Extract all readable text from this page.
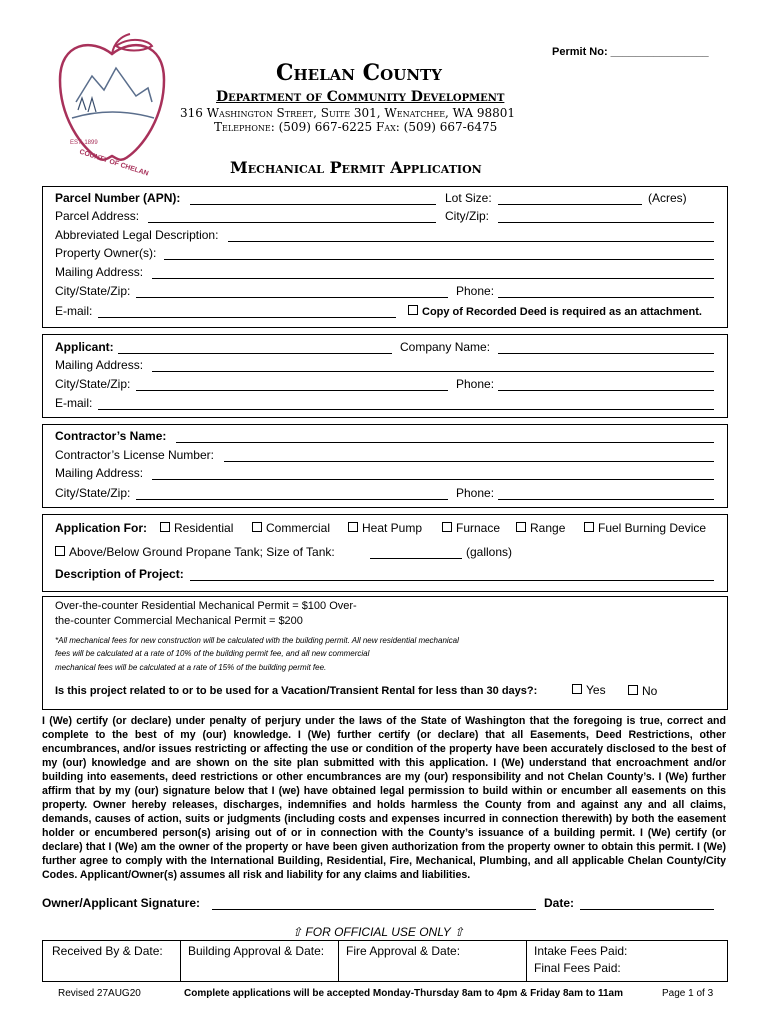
EST. 1899
COUNTY OF CHELAN
Permit No: ________________
Chelan County
Department of Community Development
316 Washington Street, Suite 301, Wenatchee, WA 98801
Telephone: (509) 667-6225 Fax: (509) 667-6475
Mechanical Permit Application
Parcel Number (APN):	Lot Size:	(Acres)
Parcel Address:	City/Zip:
Abbreviated Legal Description:
Property Owner(s):
Mailing Address:
City/State/Zip:	Phone:
E-mail:	Copy of Recorded Deed is required as an attachment.
Applicant:	Company Name:
Mailing Address:
City/State/Zip:	Phone:
E-mail:
Contractor’s Name:
Contractor’s License Number:
Mailing Address:
City/State/Zip:	Phone:
Application For:	Residential	Commercial	Heat Pump	Furnace	Range	Fuel Burning Device
Above/Below Ground Propane Tank; Size of Tank:	(gallons)
Description of Project:
Over-the-counter Residential Mechanical Permit = $100 Over-
the-counter Commercial Mechanical Permit = $200
*All mechanical fees for new construction will be calculated with the building permit. All new residential mechanical
fees will be calculated at a rate of 10% of the building permit fee, and all new commercial
mechanical fees will be calculated at a rate of 15% of the building permit fee.
Is this project related to or to be used for a Vacation/Transient Rental for less than 30 days?:	Yes	No
I (We) certify (or declare) under penalty of perjury under the laws of the State of Washington that the foregoing is true, correct and complete to the best of my (our) knowledge. I (We) further certify (or declare) that all Easements, Deed Restrictions, other encumbrances, and/or issues restricting or affecting the use or condition of the property have been accurately disclosed to the best of my (our) knowledge and are shown on the site plan submitted with this application. I (We) understand that encroachment and/or building into easements, deed restrictions or other encumbrances are my (our) responsibility and not Chelan County’s. I (We) further affirm that by my (our) signature below that I (we) have obtained legal permission to build within or encumber all easements on this property. Owner hereby releases, discharges, indemnifies and holds harmless the County from and against any and all claims, demands, causes of action, suits or judgments (including costs and expenses incurred in connection therewith) by both the easement holder or encumbered person(s) arising out of or in connection with the County’s issuance of a building permit. I (We) certify (or declare) that I (We) am the owner of the property or have been given authorization from the property owner to obtain this permit. I (We) further agree to comply with the International Building, Residential, Fire, Mechanical, Plumbing, and all applicable Chelan County/City Codes. Applicant/Owner(s) assumes all risk and liability for any claims and liabilities.
Owner/Applicant Signature:	Date:
⇧ FOR OFFICIAL USE ONLY ⇧
Received By & Date: Building Approval & Date: Fire Approval & Date:	Intake Fees Paid:
Final Fees Paid:
Revised 27AUG20	Complete applications will be accepted Monday-Thursday 8am to 4pm & Friday 8am to 11am	Page 1 of 3
